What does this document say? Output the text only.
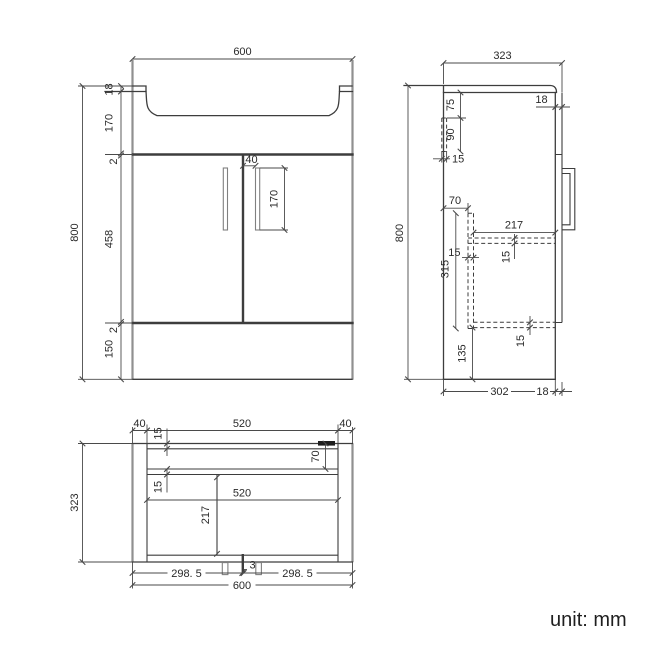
600
18
170
2
458
2
150
800
40
170
323
800
18
75
90
15
70
217
15	15
315
15
135
302	18
40	520	40
15
70
15
520
217
298. 5
3
298. 5
600
323
unit: mm
